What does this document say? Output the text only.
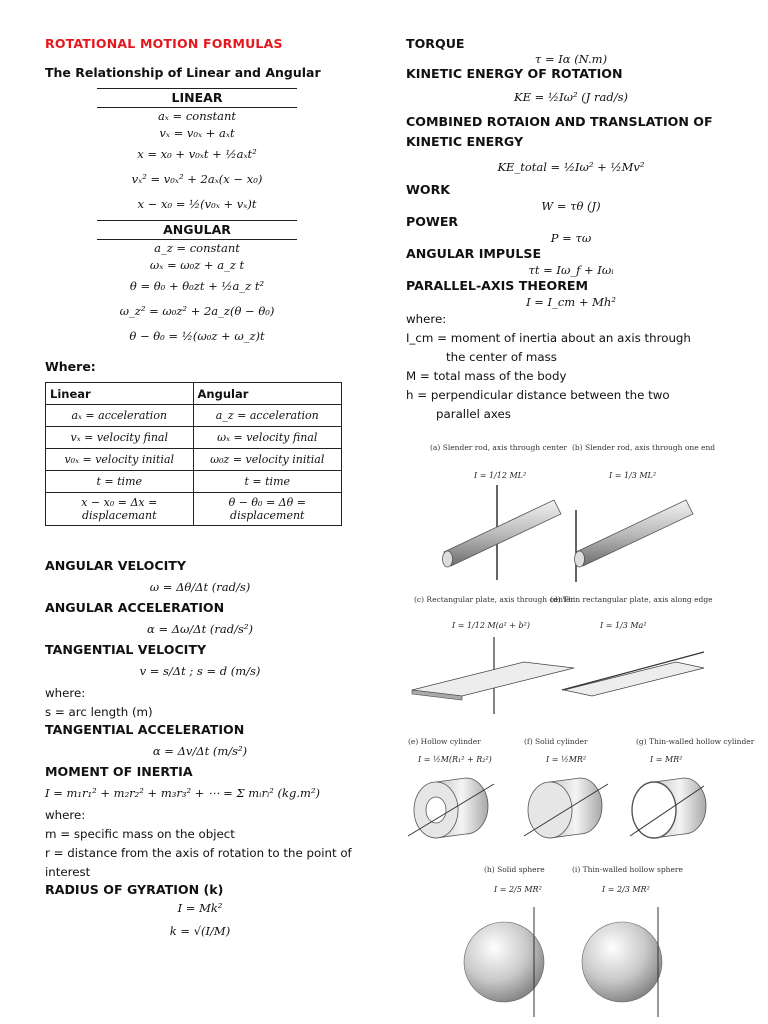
ROTATIONAL MOTION FORMULAS
The Relationship of Linear and Angular
LINEAR
aₓ = constant
vₓ = v₀ₓ + aₓt
x = x₀ + v₀ₓt + ½aₓt²
vₓ² = v₀ₓ² + 2aₓ(x − x₀)
x − x₀ = ½(v₀ₓ + vₓ)t
ANGULAR
a_z = constant
ωₓ = ω₀z + a_z t
θ = θ₀ + θ₀zt + ½a_z t²
ω_z² = ω₀z² + 2a_z(θ − θ₀)
θ − θ₀ = ½(ω₀z + ω_z)t
Where:
Linear	Angular
aₓ = acceleration	a_z = acceleration
vₓ = velocity final	ωₓ = velocity final
v₀ₓ = velocity initial	ω₀z = velocity initial
t = time	t = time
x − x₀ = Δx = displacemant	θ − θ₀ = Δθ = displacement
ANGULAR VELOCITY
ω = Δθ/Δt (rad/s)
ANGULAR ACCELERATION
α = Δω/Δt (rad/s²)
TANGENTIAL VELOCITY
v = s/Δt ; s = d (m/s)
where:
s = arc length (m)
TANGENTIAL ACCELERATION
α = Δv/Δt (m/s²)
MOMENT OF INERTIA
I = m₁r₁² + m₂r₂² + m₃r₃² + ⋯ = Σ mᵢrᵢ² (kg.m²)
where:
m = specific mass on the object
r = distance from the axis of rotation to the point of interest
RADIUS OF GYRATION (k)
I = Mk²
k = √(I/M)
TORQUE
τ = Iα (N.m)
KINETIC ENERGY OF ROTATION
KE = ½Iω² (J rad/s)
COMBINED ROTAION AND TRANSLATION OF KINETIC ENERGY
KE_total = ½Iω² + ½Mv²
WORK
W = τθ (J)
POWER
P = τω
ANGULAR IMPULSE
τt = Iω_f + Iωᵢ
PARALLEL-AXIS THEOREM
I = I_cm + Mh²
where:
I_cm = moment of inertia about an axis through
the center of mass
M = total mass of the body
h = perpendicular distance between the two
parallel axes
(a) Slender rod, axis through center
I = 1/12 ML²
(b) Slender rod, axis through one end
I = 1/3 ML²
(c) Rectangular plate, axis through center
I = 1/12 M(a² + b²)
(d) Thin rectangular plate, axis along edge
I = 1/3 Ma²
(e) Hollow cylinder
I = ½M(R₁² + R₂²)
(f) Solid cylinder
I = ½MR²
(g) Thin-walled hollow cylinder
I = MR²
(h) Solid sphere
I = 2/5 MR²
(i) Thin-walled hollow sphere
I = 2/3 MR²
